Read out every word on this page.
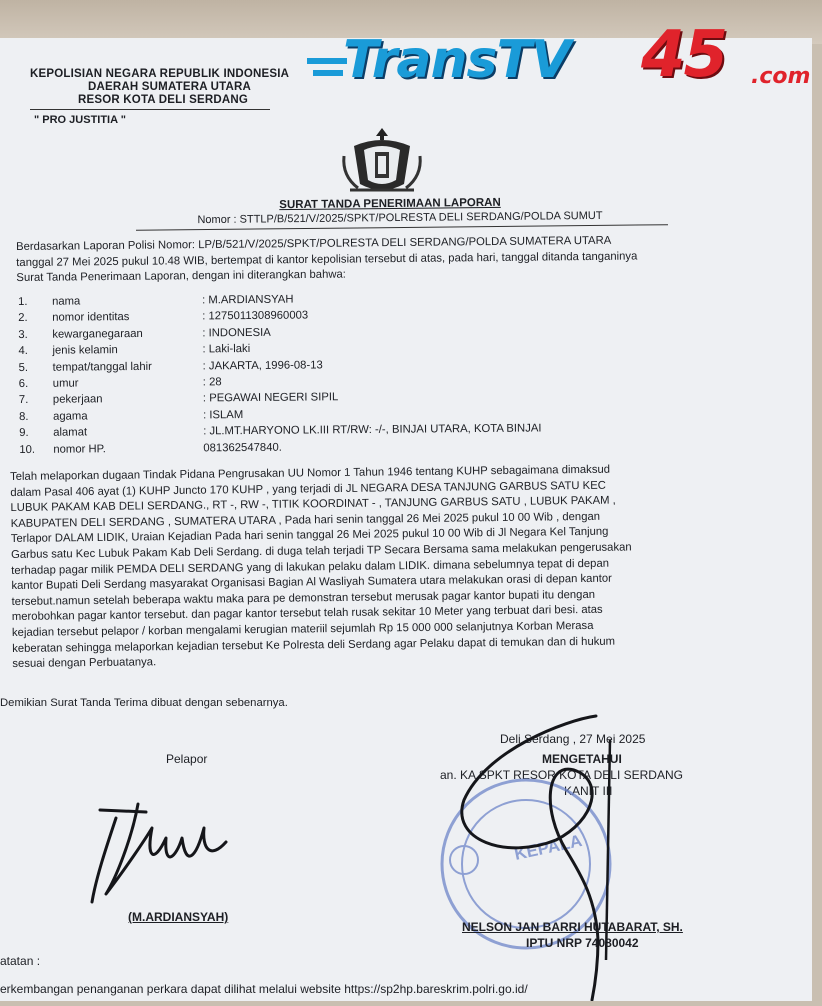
TransTV 45 .com
KEPOLISIAN NEGARA REPUBLIK INDONESIA
DAERAH SUMATERA UTARA
RESOR KOTA DELI SERDANG
" PRO JUSTITIA "
SURAT TANDA PENERIMAAN LAPORAN
Nomor : STTLP/B/521/V/2025/SPKT/POLRESTA DELI SERDANG/POLDA SUMUT
Berdasarkan Laporan Polisi Nomor: LP/B/521/V/2025/SPKT/POLRESTA DELI SERDANG/POLDA SUMATERA UTARA
tanggal 27 Mei 2025 pukul 10.48 WIB, bertempat di kantor kepolisian tersebut di atas, pada hari, tanggal ditanda tanganinya
Surat Tanda Penerimaan Laporan, dengan ini diterangkan bahwa:
1.	nama	: M.ARDIANSYAH
2.	nomor identitas	: 1275011308960003
3.	kewarganegaraan	: INDONESIA
4.	jenis kelamin	: Laki-laki
5.	tempat/tanggal lahir	: JAKARTA, 1996-08-13
6.	umur	: 28
7.	pekerjaan	: PEGAWAI NEGERI SIPIL
8.	agama	: ISLAM
9.	alamat	: JL.MT.HARYONO LK.III RT/RW: -/-, BINJAI UTARA, KOTA BINJAI
10.	nomor HP.	081362547840.
Telah melaporkan dugaan Tindak Pidana Pengrusakan UU Nomor 1 Tahun 1946 tentang KUHP sebagaimana dimaksud
dalam Pasal 406 ayat (1) KUHP Juncto 170 KUHP , yang terjadi di JL NEGARA DESA TANJUNG GARBUS SATU KEC
LUBUK PAKAM KAB DELI SERDANG., RT -, RW -, TITIK KOORDINAT - , TANJUNG GARBUS SATU , LUBUK PAKAM ,
KABUPATEN DELI SERDANG , SUMATERA UTARA , Pada hari senin tanggal 26 Mei 2025 pukul 10 00 Wib , dengan
Terlapor DALAM LIDIK, Uraian Kejadian Pada hari senin tanggal 26 Mei 2025 pukul 10 00 Wib di Jl Negara Kel Tanjung
Garbus satu Kec Lubuk Pakam Kab Deli Serdang. di duga telah terjadi TP Secara Bersama sama melakukan pengerusakan
terhadap pagar milik PEMDA DELI SERDANG yang di lakukan pelaku dalam LIDIK. dimana sebelumnya tepat di depan
kantor Bupati Deli Serdang masyarakat Organisasi Bagian Al Wasliyah Sumatera utara melakukan orasi di depan kantor
tersebut.namun setelah beberapa waktu maka para pe demonstran tersebut merusak pagar kantor bupati itu dengan
merobohkan pagar kantor tersebut. dan pagar kantor tersebut telah rusak sekitar 10 Meter yang terbuat dari besi. atas
kejadian tersebut pelapor / korban mengalami kerugian materiil sejumlah Rp 15 000 000 selanjutnya Korban Merasa
keberatan sehingga melaporkan kejadian tersebut Ke Polresta deli Serdang agar Pelaku dapat di temukan dan di hukum
sesuai dengan Perbuatanya.
Demikian Surat Tanda Terima dibuat dengan sebenarnya.
Deli Serdang , 27 Mei 2025
Pelapor	MENGETAHUI
an. KA SPKT RESOR KOTA DELI SERDANG
KANIT III
KEPALA
(M.ARDIANSYAH)
NELSON JAN BARRI HUTABARAT, SH.
IPTU NRP 74080042
atatan :
erkembangan penanganan perkara dapat dilihat melalui website https://sp2hp.bareskrim.polri.go.id/
